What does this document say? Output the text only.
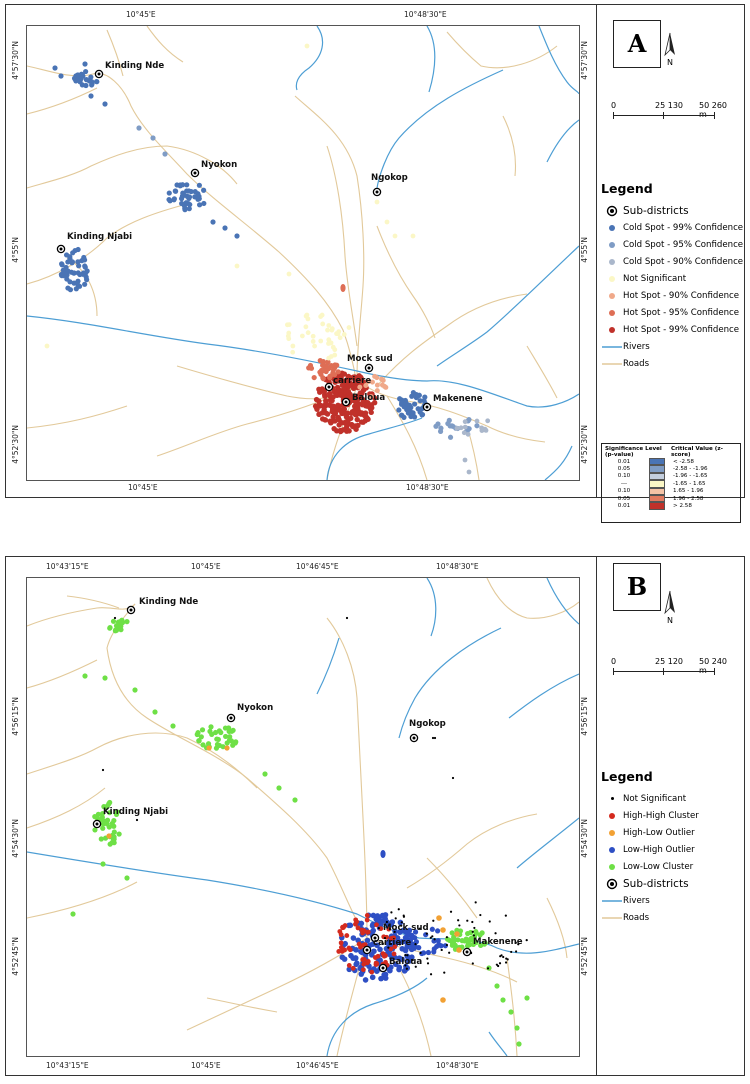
Kinding Nde
Nyokon
Ngokop
Kinding Njabi
Mock sud
carriere
Baloua	Makenene
10°45'E	10°48'30"E
10°45'E	10°48'30"E
4°57'30"N
4°55'N
4°52'30"N
4°57'30"N
4°55'N
4°52'30"N
A
N
0	25 130 50 260
Legend
Sub-districts
Cold Spot - 99% Confidence
Cold Spot - 95% Confidence
Cold Spot - 90% Confidence
Not Significant
Hot Spot - 90% Confidence
Hot Spot - 95% Confidence
Hot Spot - 99% Confidence
Rivers
Roads
Significance Level (p-value)
Critical Value (z-score)
0.01	< -2.58
0.05	-2.58 - -1.96
0.10	-1.96 - -1.65
---	-1.65 - 1.65
0.10	1.65 - 1.96
0.05	1.96 - 2.58
0.01	> 2.58
Kinding Nde
Nyokon
Ngokop
Kinding Njabi
Mock sud
carriere
Baloua
Makenene
10°43'15"E	10°45'E	10°46'45"E	10°48'30"E
10°43'15"E	10°45'E	10°46'45"E	10°48'30"E
4°56'15"N
4°54'30"N
4°52'45"N
4°56'15"N
4°54'30"N
4°52'45"N
B
N
0	25 120 50 240
Legend
Not Significant
High-High Cluster
High-Low Outlier
Low-High Outlier
Low-Low Cluster
Sub-districts
Rivers
Roads
